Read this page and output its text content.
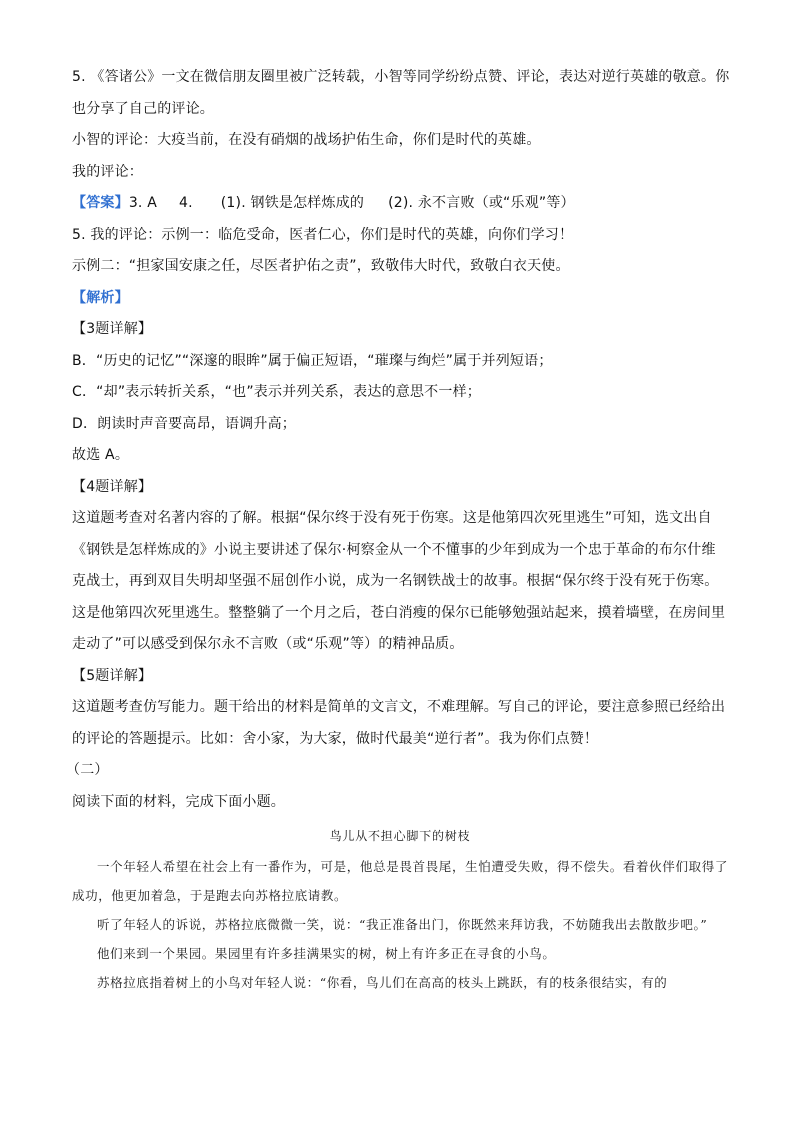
5. 《答诸公》一文在微信朋友圈里被广泛转载，小智等同学纷纷点赞、评论，表达对逆行英雄的敬意。你
也分享了自己的评论。
小智的评论：大疫当前，在没有硝烟的战场护佑生命，你们是时代的英雄。
我的评论：
【答案】3. A 4. (1). 钢铁是怎样炼成的 (2). 永不言败（或“乐观”等）
5. 我的评论：示例一：临危受命，医者仁心，你们是时代的英雄，向你们学习！
示例二：“担家国安康之任，尽医者护佑之责”，致敬伟大时代，致敬白衣天使。
【解析】
【3题详解】
B．“历史的记忆”“深邃的眼眸”属于偏正短语，“璀璨与绚烂”属于并列短语；
C．“却”表示转折关系，“也”表示并列关系，表达的意思不一样；
D．朗读时声音要高昂，语调升高；
故选 A。
【4题详解】
这道题考查对名著内容的了解。根据“保尔终于没有死于伤寒。这是他第四次死里逃生”可知，选文出自
《钢铁是怎样炼成的》小说主要讲述了保尔·柯察金从一个不懂事的少年到成为一个忠于革命的布尔什维
克战士，再到双目失明却坚强不屈创作小说，成为一名钢铁战士的故事。根据“保尔终于没有死于伤寒。
这是他第四次死里逃生。整整躺了一个月之后，苍白消瘦的保尔已能够勉强站起来，摸着墙壁，在房间里
走动了”可以感受到保尔永不言败（或“乐观”等）的精神品质。
【5题详解】
这道题考查仿写能力。题干给出的材料是简单的文言文，不难理解。写自己的评论，要注意参照已经给出
的评论的答题提示。比如：舍小家，为大家，做时代最美“逆行者”。我为你们点赞！
（二）
阅读下面的材料，完成下面小题。
鸟儿从不担心脚下的树枝

一个年轻人希望在社会上有一番作为，可是，他总是畏首畏尾，生怕遭受失败，得不偿失。看着伙伴们取得了成功，他更加着急，于是跑去向苏格拉底请教。

听了年轻人的诉说，苏格拉底微微一笑，说：“我正准备出门，你既然来拜访我，不妨随我出去散散步吧。”

他们来到一个果园。果园里有许多挂满果实的树，树上有许多正在寻食的小鸟。

苏格拉底指着树上的小鸟对年轻人说：“你看，鸟儿们在高高的枝头上跳跃，有的枝条很结实，有的
